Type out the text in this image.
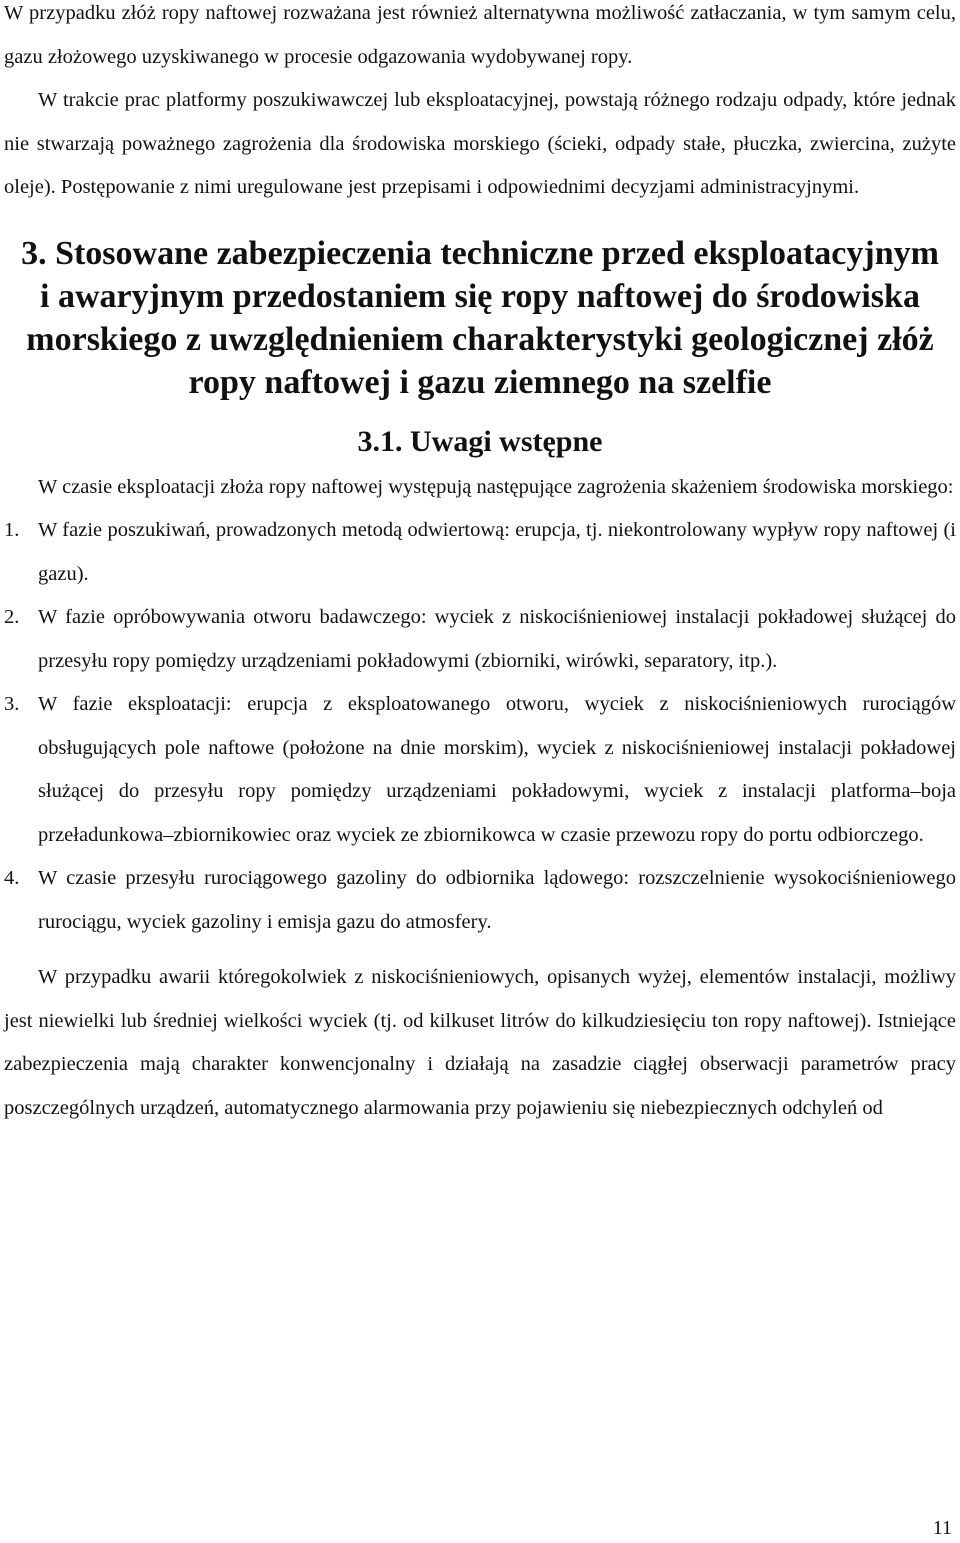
W przypadku złóż ropy naftowej rozważana jest również alternatywna możliwość zatłaczania, w tym samym celu, gazu złożowego uzyskiwanego w procesie odgazowania wydobywanej ropy.

W trakcie prac platformy poszukiwawczej lub eksploatacyjnej, powstają różnego rodzaju odpady, które jednak nie stwarzają poważnego zagrożenia dla środowiska morskiego (ścieki, odpady stałe, płuczka, zwiercina, zużyte oleje). Postępowanie z nimi uregulowane jest przepisami i odpowiednimi decyzjami administracyjnymi.

3. Stosowane zabezpieczenia techniczne przed eksploatacyjnym i awaryjnym przedostaniem się ropy naftowej do środowiska morskiego z uwzględnieniem charakterystyki geologicznej złóż ropy naftowej i gazu ziemnego na szelfie
3.1. Uwagi wstępne

W czasie eksploatacji złoża ropy naftowej występują następujące zagrożenia skażeniem środowiska morskiego:

1. W fazie poszukiwań, prowadzonych metodą odwiertową: erupcja, tj. niekontrolowany wypływ ropy naftowej (i gazu).
2. W fazie opróbowywania otworu badawczego: wyciek z niskociśnieniowej instalacji pokładowej służącej do przesyłu ropy pomiędzy urządzeniami pokładowymi (zbiorniki, wirówki, separatory, itp.).
3. W fazie eksploatacji: erupcja z eksploatowanego otworu, wyciek z niskociśnieniowych rurociągów obsługujących pole naftowe (położone na dnie morskim), wyciek z niskociśnieniowej instalacji pokładowej służącej do przesyłu ropy pomiędzy urządzeniami pokładowymi, wyciek z instalacji platforma–boja przeładunkowa–zbiornikowiec oraz wyciek ze zbiornikowca w czasie przewozu ropy do portu odbiorczego.
4. W czasie przesyłu rurociągowego gazoliny do odbiornika lądowego: rozszczelnienie wysokociśnieniowego rurociągu, wyciek gazoliny i emisja gazu do atmosfery.

W przypadku awarii któregokolwiek z niskociśnieniowych, opisanych wyżej, elementów instalacji, możliwy jest niewielki lub średniej wielkości wyciek (tj. od kilkuset litrów do kilkudziesięciu ton ropy naftowej). Istniejące zabezpieczenia mają charakter konwencjonalny i działają na zasadzie ciągłej obserwacji parametrów pracy poszczególnych urządzeń, automatycznego alarmowania przy pojawieniu się niebezpiecznych odchyleń od

11
